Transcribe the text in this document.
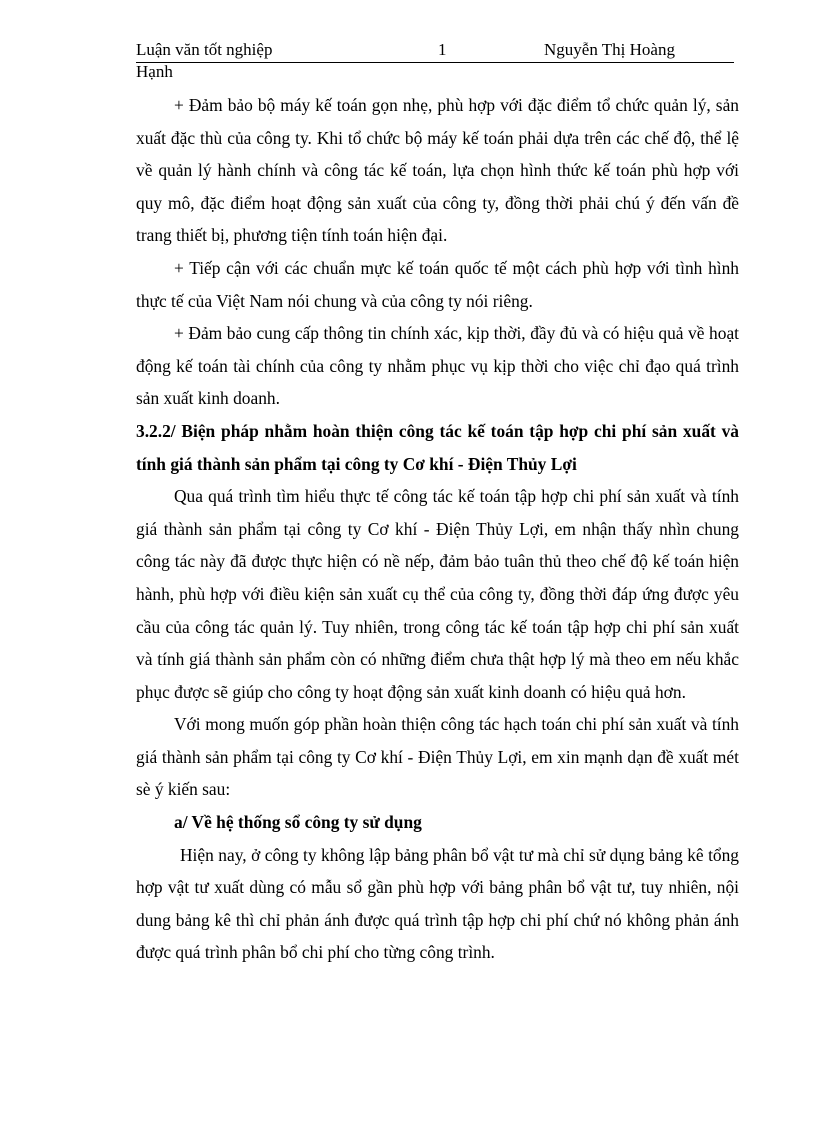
Luận văn tốt nghiệp	1	Nguyễn Thị Hoàng
Hạnh

+ Đảm bảo bộ máy kế toán gọn nhẹ, phù hợp với đặc điểm tổ chức quản lý, sản xuất đặc thù của công ty. Khi tổ chức bộ máy kế toán phải dựa trên các chế độ, thể lệ về quản lý hành chính và công tác kế toán, lựa chọn hình thức kế toán phù hợp với quy mô, đặc điểm hoạt động sản xuất của công ty, đồng thời phải chú ý đến vấn đề trang thiết bị, phương tiện tính toán hiện đại.

+ Tiếp cận với các chuẩn mực kế toán quốc tế một cách phù hợp với tình hình thực tế của Việt Nam nói chung và của công ty nói riêng.

+ Đảm bảo cung cấp thông tin chính xác, kịp thời, đầy đủ và có hiệu quả về hoạt động kế toán tài chính của công ty nhằm phục vụ kịp thời cho việc chỉ đạo quá trình sản xuất kinh doanh.

3.2.2/ Biện pháp nhằm hoàn thiện công tác kế toán tập hợp chi phí sản xuất và tính giá thành sản phẩm tại công ty Cơ khí - Điện Thủy Lợi

Qua quá trình tìm hiểu thực tế công tác kế toán tập hợp chi phí sản xuất và tính giá thành sản phẩm tại công ty Cơ khí - Điện Thủy Lợi, em nhận thấy nhìn chung công tác này đã được thực hiện có nề nếp, đảm bảo tuân thủ theo chế độ kế toán hiện hành, phù hợp với điều kiện sản xuất cụ thể của công ty, đồng thời đáp ứng được yêu cầu của công tác quản lý. Tuy nhiên, trong công tác kế toán tập hợp chi phí sản xuất và tính giá thành sản phẩm còn có những điểm chưa thật hợp lý mà theo em nếu khắc phục được sẽ giúp cho công ty hoạt động sản xuất kinh doanh có hiệu quả hơn.

Với mong muốn góp phần hoàn thiện công tác hạch toán chi phí sản xuất và tính giá thành sản phẩm tại công ty Cơ khí - Điện Thủy Lợi, em xin mạnh dạn đề xuất mét sè ý kiến sau:

a/ Về hệ thống sổ công ty sử dụng

Hiện nay, ở công ty không lập bảng phân bổ vật tư mà chỉ sử dụng bảng kê tổng hợp vật tư xuất dùng có mẫu sổ gần phù hợp với bảng phân bổ vật tư, tuy nhiên, nội dung bảng kê thì chỉ phản ánh được quá trình tập hợp chi phí chứ nó không phản ánh được quá trình phân bổ chi phí cho từng công trình.
